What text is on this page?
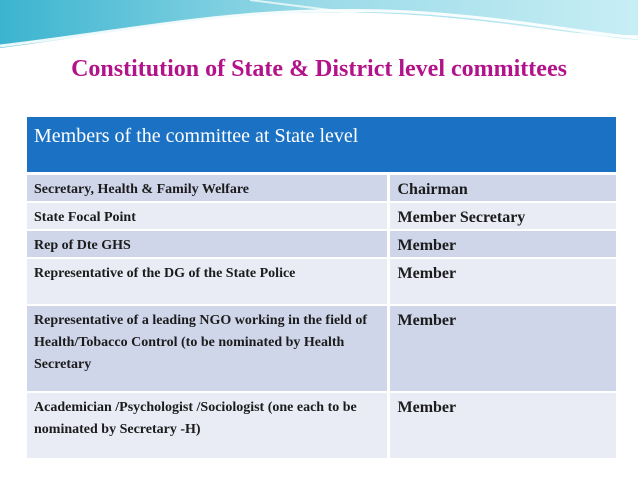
Constitution of State & District level committees
Members of the committee at State level	
Secretary, Health & Family Welfare	Chairman
State Focal Point	Member Secretary
Rep of Dte GHS	Member
Representative of the DG of the State Police	Member
Representative of a leading NGO working in the field of Health/Tobacco Control (to be nominated by Health Secretary	Member
Academician /Psychologist /Sociologist (one each to be nominated by Secretary -H)	Member
